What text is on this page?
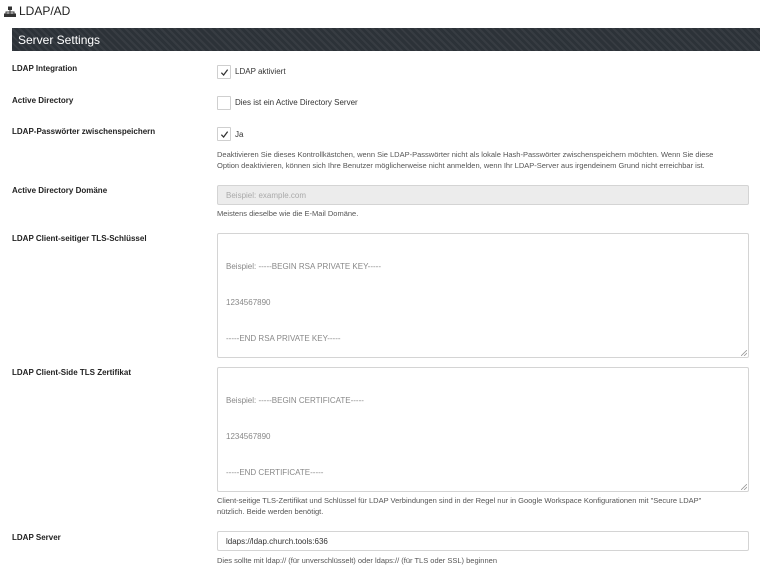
LDAP/AD
Server Settings
LDAP Integration	LDAP aktiviert
Active Directory	Dies ist ein Active Directory Server
LDAP-Passwörter zwischenspeichern	Ja
Deaktivieren Sie dieses Kontrollkästchen, wenn Sie LDAP-Passwörter nicht als lokale Hash-Passwörter zwischenspeichern möchten. Wenn Sie diese
Option deaktivieren, können sich Ihre Benutzer möglicherweise nicht anmelden, wenn Ihr LDAP-Server aus irgendeinem Grund nicht erreichbar ist.
Active Directory Domäne	Beispiel: example.com
Meistens dieselbe wie die E-Mail Domäne.
LDAP Client-seitiger TLS-Schlüssel

Beispiel: -----BEGIN RSA PRIVATE KEY-----

1234567890

-----END RSA PRIVATE KEY-----

LDAP Client-Side TLS Zertifikat

Beispiel: -----BEGIN CERTIFICATE-----

1234567890

-----END CERTIFICATE-----

Client-seitige TLS-Zertifikat und Schlüssel für LDAP Verbindungen sind in der Regel nur in Google Workspace Konfigurationen mit "Secure LDAP"
nützlich. Beide werden benötigt.
LDAP Server	ldaps://ldap.church.tools:636
Dies sollte mit ldap:// (für unverschlüsselt) oder ldaps:// (für TLS oder SSL) beginnen
